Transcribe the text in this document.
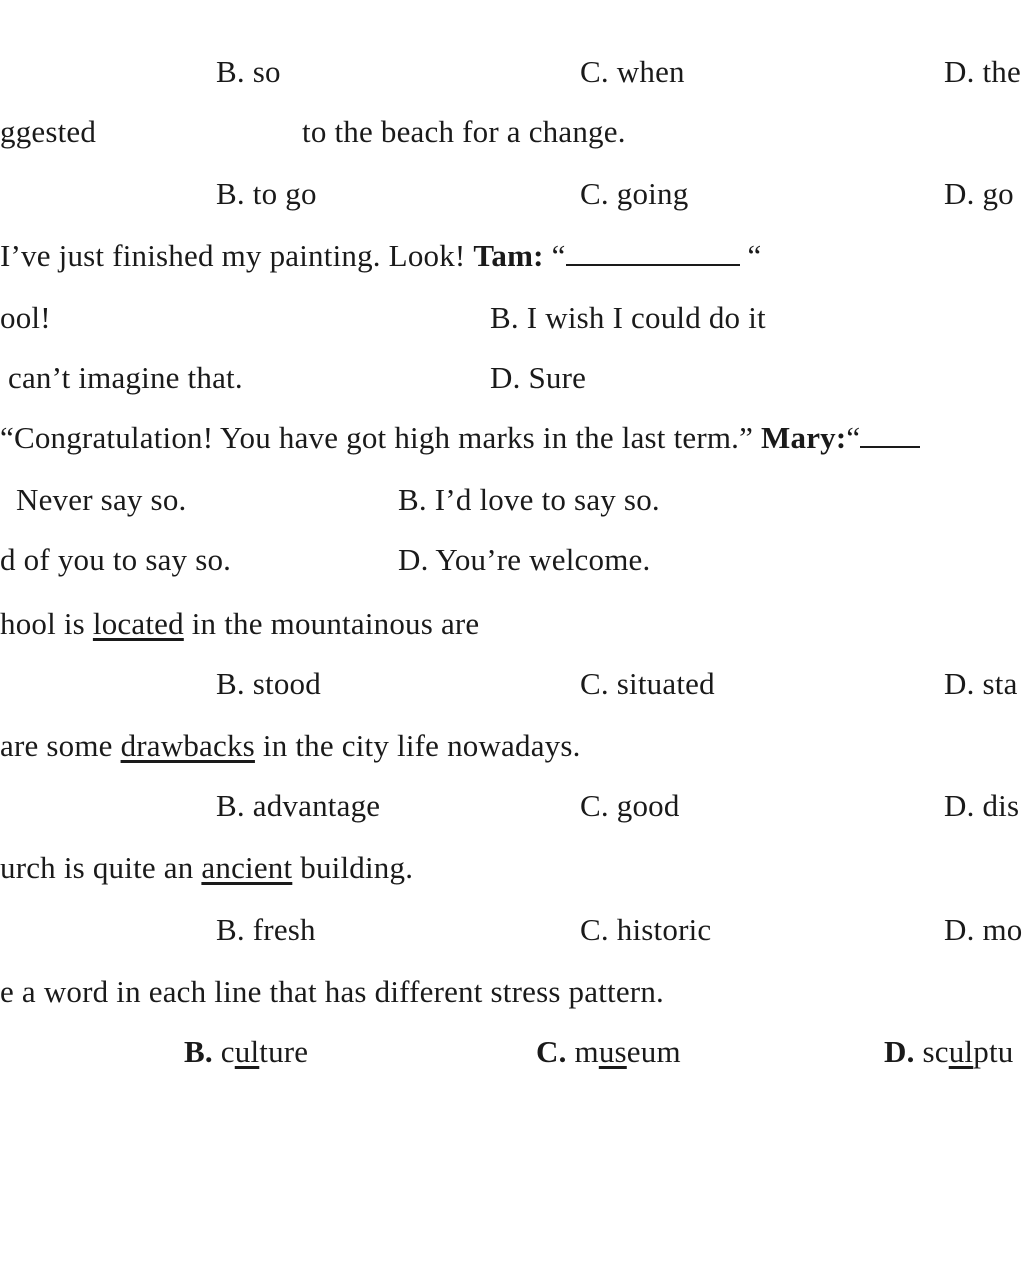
B. so	C. when	D. the
ggested	to the beach for a change.
B. to go	C. going	D. go
I’ve just finished my painting. Look! Tam: “	“
ool!	B. I wish I could do it
can’t imagine that.	D. Sure
“Congratulation! You have got high marks in the last term.” Mary:“
Never say so.	B. I’d love to say so.
d of you to say so.	D. You’re welcome.
hool is located in the mountainous are
B. stood	C. situated	D. sta
are some drawbacks in the city life nowadays.
B. advantage	C. good	D. dis
urch is quite an ancient building.
B. fresh	C. historic	D. mo
e a word in each line that has different stress pattern.
B. culture	C. museum	D. sculptu
